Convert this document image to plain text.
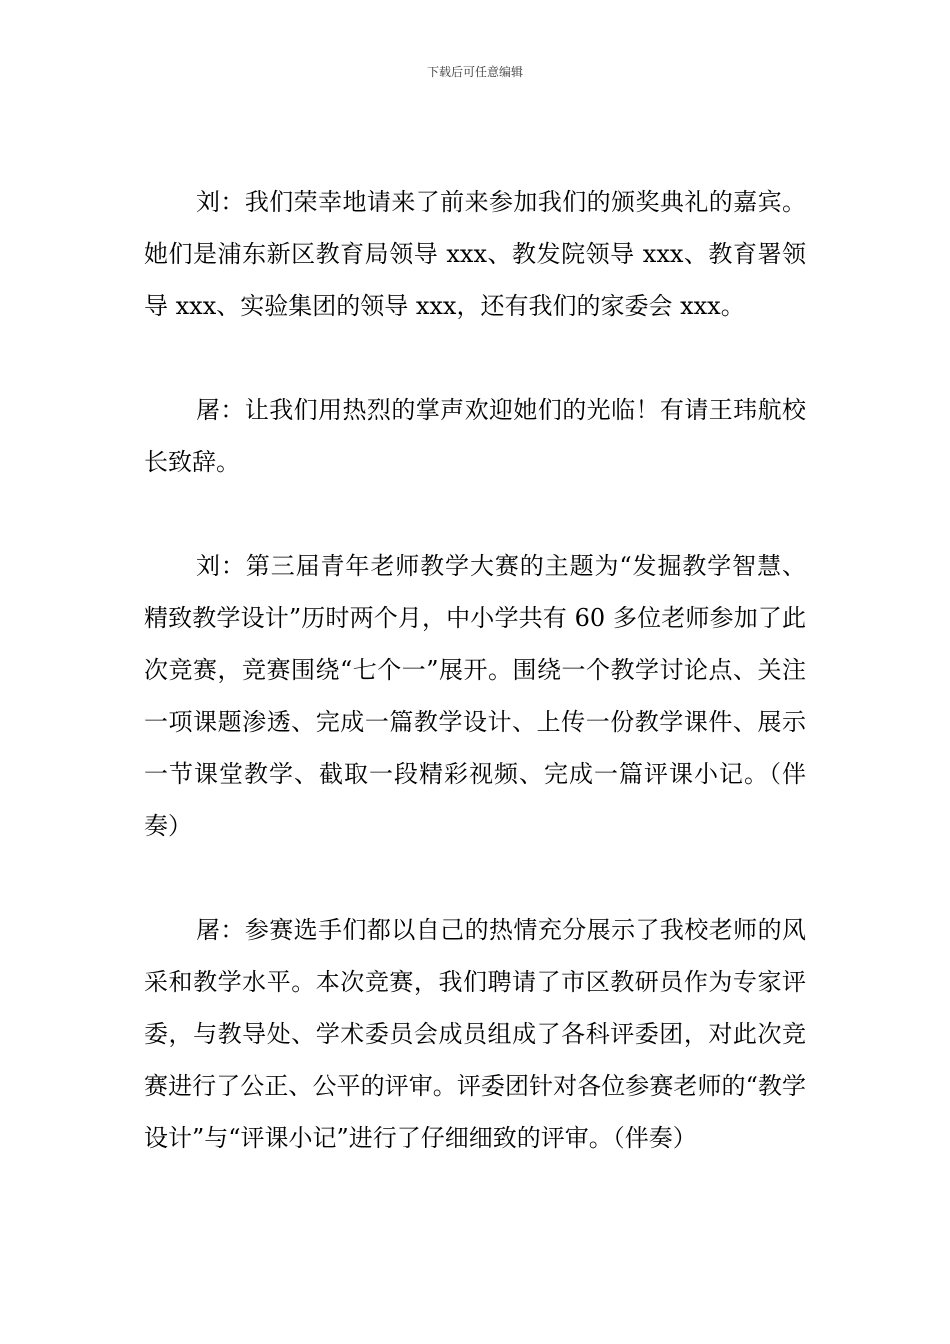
下载后可任意编辑

刘：我们荣幸地请来了前来参加我们的颁奖典礼的嘉宾。她们是浦东新区教育局领导 xxx、教发院领导 xxx、教育署领导 xxx、实验集团的领导 xxx，还有我们的家委会 xxx。

屠：让我们用热烈的掌声欢迎她们的光临！有请王玮航校长致辞。

刘：第三届青年老师教学大赛的主题为“发掘教学智慧、精致教学设计”历时两个月，中小学共有 60 多位老师参加了此次竞赛，竞赛围绕“七个一”展开。围绕一个教学讨论点、关注一项课题渗透、完成一篇教学设计、上传一份教学课件、展示一节课堂教学、截取一段精彩视频、完成一篇评课小记。（伴奏）

屠：参赛选手们都以自己的热情充分展示了我校老师的风采和教学水平。本次竞赛，我们聘请了市区教研员作为专家评委，与教导处、学术委员会成员组成了各科评委团，对此次竞赛进行了公正、公平的评审。评委团针对各位参赛老师的“教学设计”与“评课小记”进行了仔细细致的评审。（伴奏）
